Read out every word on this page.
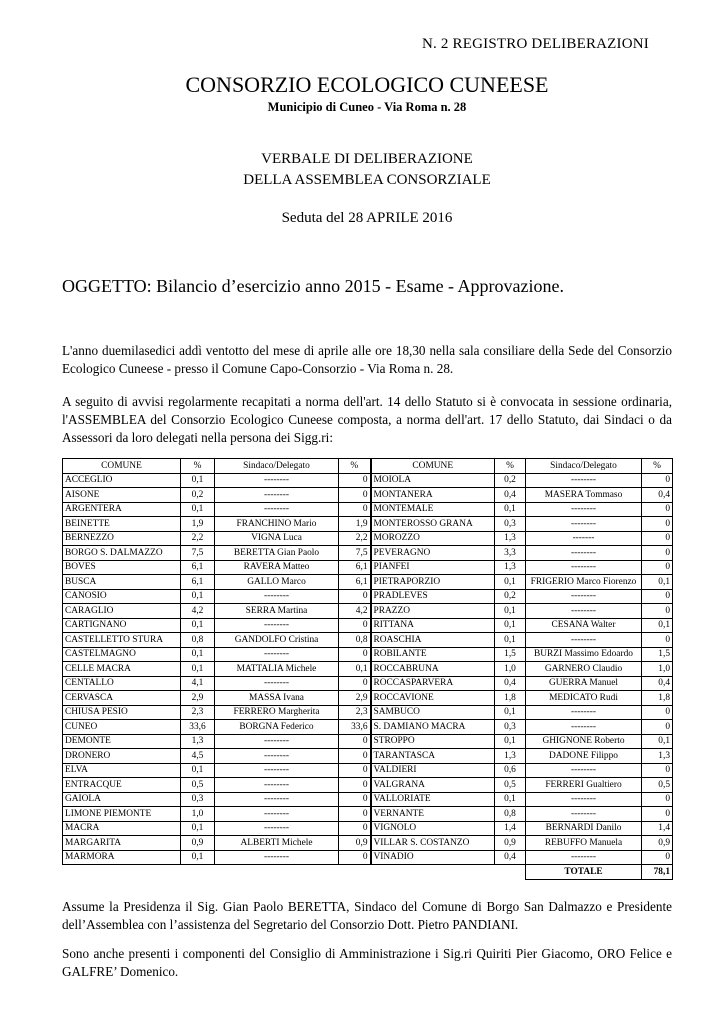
N. 2 REGISTRO DELIBERAZIONI
CONSORZIO ECOLOGICO CUNEESE
Municipio di Cuneo - Via Roma n. 28
VERBALE DI DELIBERAZIONE
DELLA ASSEMBLEA CONSORZIALE
Seduta del 28 APRILE 2016
OGGETTO: Bilancio d’esercizio anno 2015 - Esame - Approvazione.
L'anno duemilasedici addì ventotto del mese di aprile alle ore 18,30 nella sala consiliare della Sede del Consorzio Ecologico Cuneese - presso il Comune Capo-Consorzio - Via Roma n. 28.
A seguito di avvisi regolarmente recapitati a norma dell'art. 14 dello Statuto si è convocata in sessione ordinaria, l'ASSEMBLEA del Consorzio Ecologico Cuneese composta, a norma dell'art. 17 dello Statuto, dai Sindaci o da Assessori da loro delegati nella persona dei Sigg.ri:
COMUNE	%	Sindaco/Delegato	%	COMUNE	%	Sindaco/Delegato	%
ACCEGLIO	0,1	--------	0	MOIOLA	0,2	--------	0
AISONE	0,2	--------	0	MONTANERA	0,4	MASERA Tommaso	0,4
ARGENTERA	0,1	--------	0	MONTEMALE	0,1	--------	0
BEINETTE	1,9	FRANCHINO Mario	1,9	MONTEROSSO GRANA	0,3	--------	0
BERNEZZO	2,2	VIGNA Luca	2,2	MOROZZO	1,3	-------	0
BORGO S. DALMAZZO	7,5	BERETTA Gian Paolo	7,5	PEVERAGNO	3,3	--------	0
BOVES	6,1	RAVERA Matteo	6,1	PIANFEI	1,3	--------	0
BUSCA	6,1	GALLO Marco	6,1	PIETRAPORZIO	0,1	FRIGERIO Marco Fiorenzo	0,1
CANOSIO	0,1	--------	0	PRADLEVES	0,2	--------	0
CARAGLIO	4,2	SERRA Martina	4,2	PRAZZO	0,1	--------	0
CARTIGNANO	0,1	--------	0	RITTANA	0,1	CESANA Walter	0,1
CASTELLETTO STURA	0,8	GANDOLFO Cristina	0,8	ROASCHIA	0,1	--------	0
CASTELMAGNO	0,1	--------	0	ROBILANTE	1,5	BURZI Massimo Edoardo	1,5
CELLE MACRA	0,1	MATTALIA Michele	0,1	ROCCABRUNA	1,0	GARNERO Claudio	1,0
CENTALLO	4,1	--------	0	ROCCASPARVERA	0,4	GUERRA Manuel	0,4
CERVASCA	2,9	MASSA Ivana	2,9	ROCCAVIONE	1,8	MEDICATO Rudi	1,8
CHIUSA PESIO	2,3	FERRERO Margherita	2,3	SAMBUCO	0,1	--------	0
CUNEO	33,6	BORGNA Federico	33,6	S. DAMIANO MACRA	0,3	--------	0
DEMONTE	1,3	--------	0	STROPPO	0,1	GHIGNONE Roberto	0,1
DRONERO	4,5	--------	0	TARANTASCA	1,3	DADONE Filippo	1,3
ELVA	0,1	--------	0	VALDIERI	0,6	--------	0
ENTRACQUE	0,5	--------	0	VALGRANA	0,5	FERRERI Gualtiero	0,5
GAIOLA	0,3	--------	0	VALLORIATE	0,1	--------	0
LIMONE PIEMONTE	1,0	--------	0	VERNANTE	0,8	--------	0
MACRA	0,1	--------	0	VIGNOLO	1,4	BERNARDI Danilo	1,4
MARGARITA	0,9	ALBERTI Michele	0,9	VILLAR S. COSTANZO	0,9	REBUFFO Manuela	0,9
MARMORA	0,1	--------	0	VINADIO	0,4	--------	0
						TOTALE	78,1
Assume la Presidenza il Sig. Gian Paolo BERETTA, Sindaco del Comune di Borgo San Dalmazzo e Presidente dell’Assemblea con l’assistenza del Segretario del Consorzio Dott. Pietro PANDIANI.
Sono anche presenti i componenti del Consiglio di Amministrazione i Sig.ri Quiriti Pier Giacomo, ORO Felice e GALFRE’ Domenico.
